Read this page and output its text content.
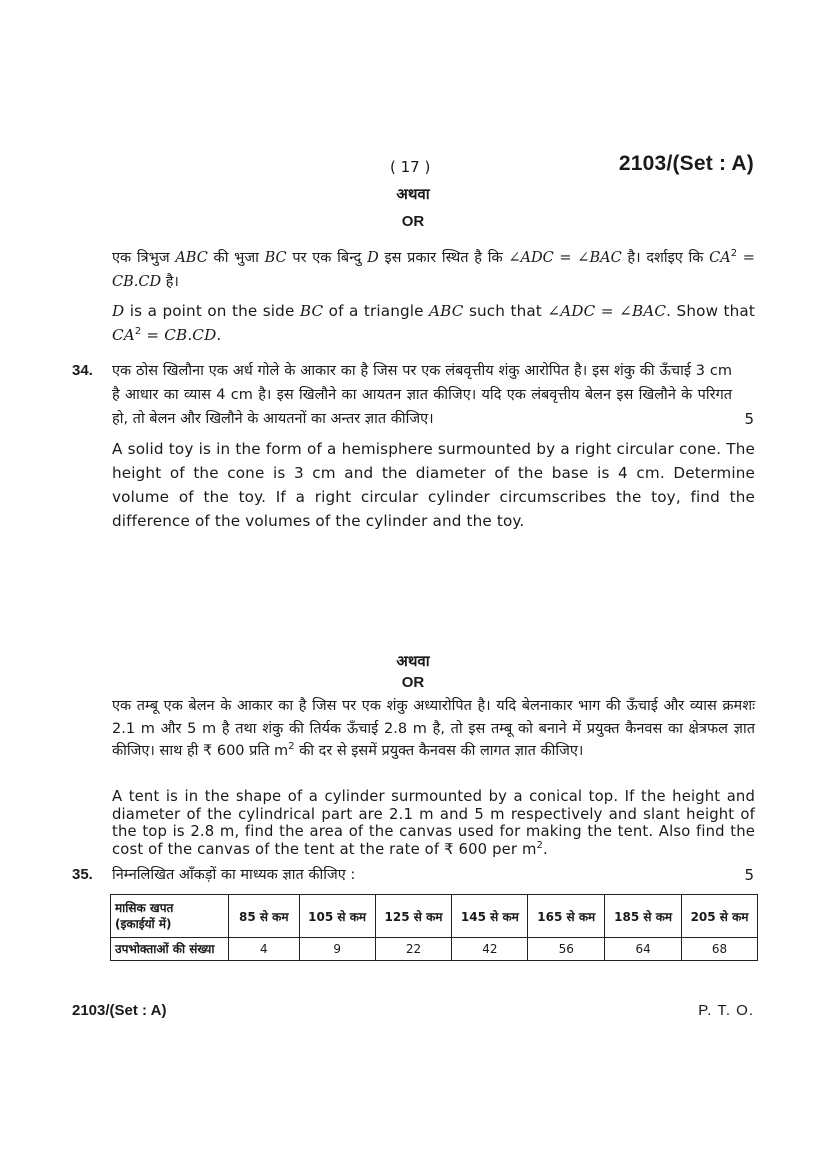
( 17 )	2103/(Set : A)
अथवा
OR

एक त्रिभुज ABC की भुजा BC पर एक बिन्दु D इस प्रकार स्थित है कि ∠ADC = ∠BAC है। दर्शाइए कि $CA^2 = CB.CD$ है।

D is a point on the side BC of a triangle ABC such that ∠ADC = ∠BAC. Show that $CA^2 = CB.CD$.

34. एक ठोस खिलौना एक अर्ध गोले के आकार का है जिस पर एक लंबवृत्तीय शंकु आरोपित है। इस शंकु की ऊँचाई 3 cm है आधार का व्यास 4 cm है। इस खिलौने का आयतन ज्ञात कीजिए। यदि एक लंबवृत्तीय बेलन इस खिलौने के परिगत हो, तो बेलन और खिलौने के आयतनों का अन्तर ज्ञात कीजिए।	5

A solid toy is in the form of a hemisphere surmounted by a right circular cone. The height of the cone is 3 cm and the diameter of the base is 4 cm. Determine volume of the toy. If a right circular cylinder circumscribes the toy, find the difference of the volumes of the cylinder and the toy.

अथवा
OR

एक तम्बू एक बेलन के आकार का है जिस पर एक शंकु अध्यारोपित है। यदि बेलनाकार भाग की ऊँचाई और व्यास क्रमशः 2.1 m और 5 m है तथा शंकु की तिर्यक ऊँचाई 2.8 m है, तो इस तम्बू को बनाने में प्रयुक्त कैनवस का क्षेत्रफल ज्ञात कीजिए। साथ ही ₹ 600 प्रति $m^2$ की दर से इसमें प्रयुक्त कैनवस की लागत ज्ञात कीजिए।

A tent is in the shape of a cylinder surmounted by a conical top. If the height and diameter of the cylindrical part are 2.1 m and 5 m respectively and slant height of the top is 2.8 m, find the area of the canvas used for making the tent. Also find the cost of the canvas of the tent at the rate of ₹ 600 per $m^2$.

35. निम्नलिखित आँकड़ों का माध्यक ज्ञात कीजिए :	5
मासिक खपत
(इकाईयों में)	85 से कम	105 से कम	125 से कम	145 से कम	165 से कम	185 से कम	205 से कम
उपभोक्ताओं की संख्या	4	9	22	42	56	64	68
2103/(Set : A)	P. T. O.
